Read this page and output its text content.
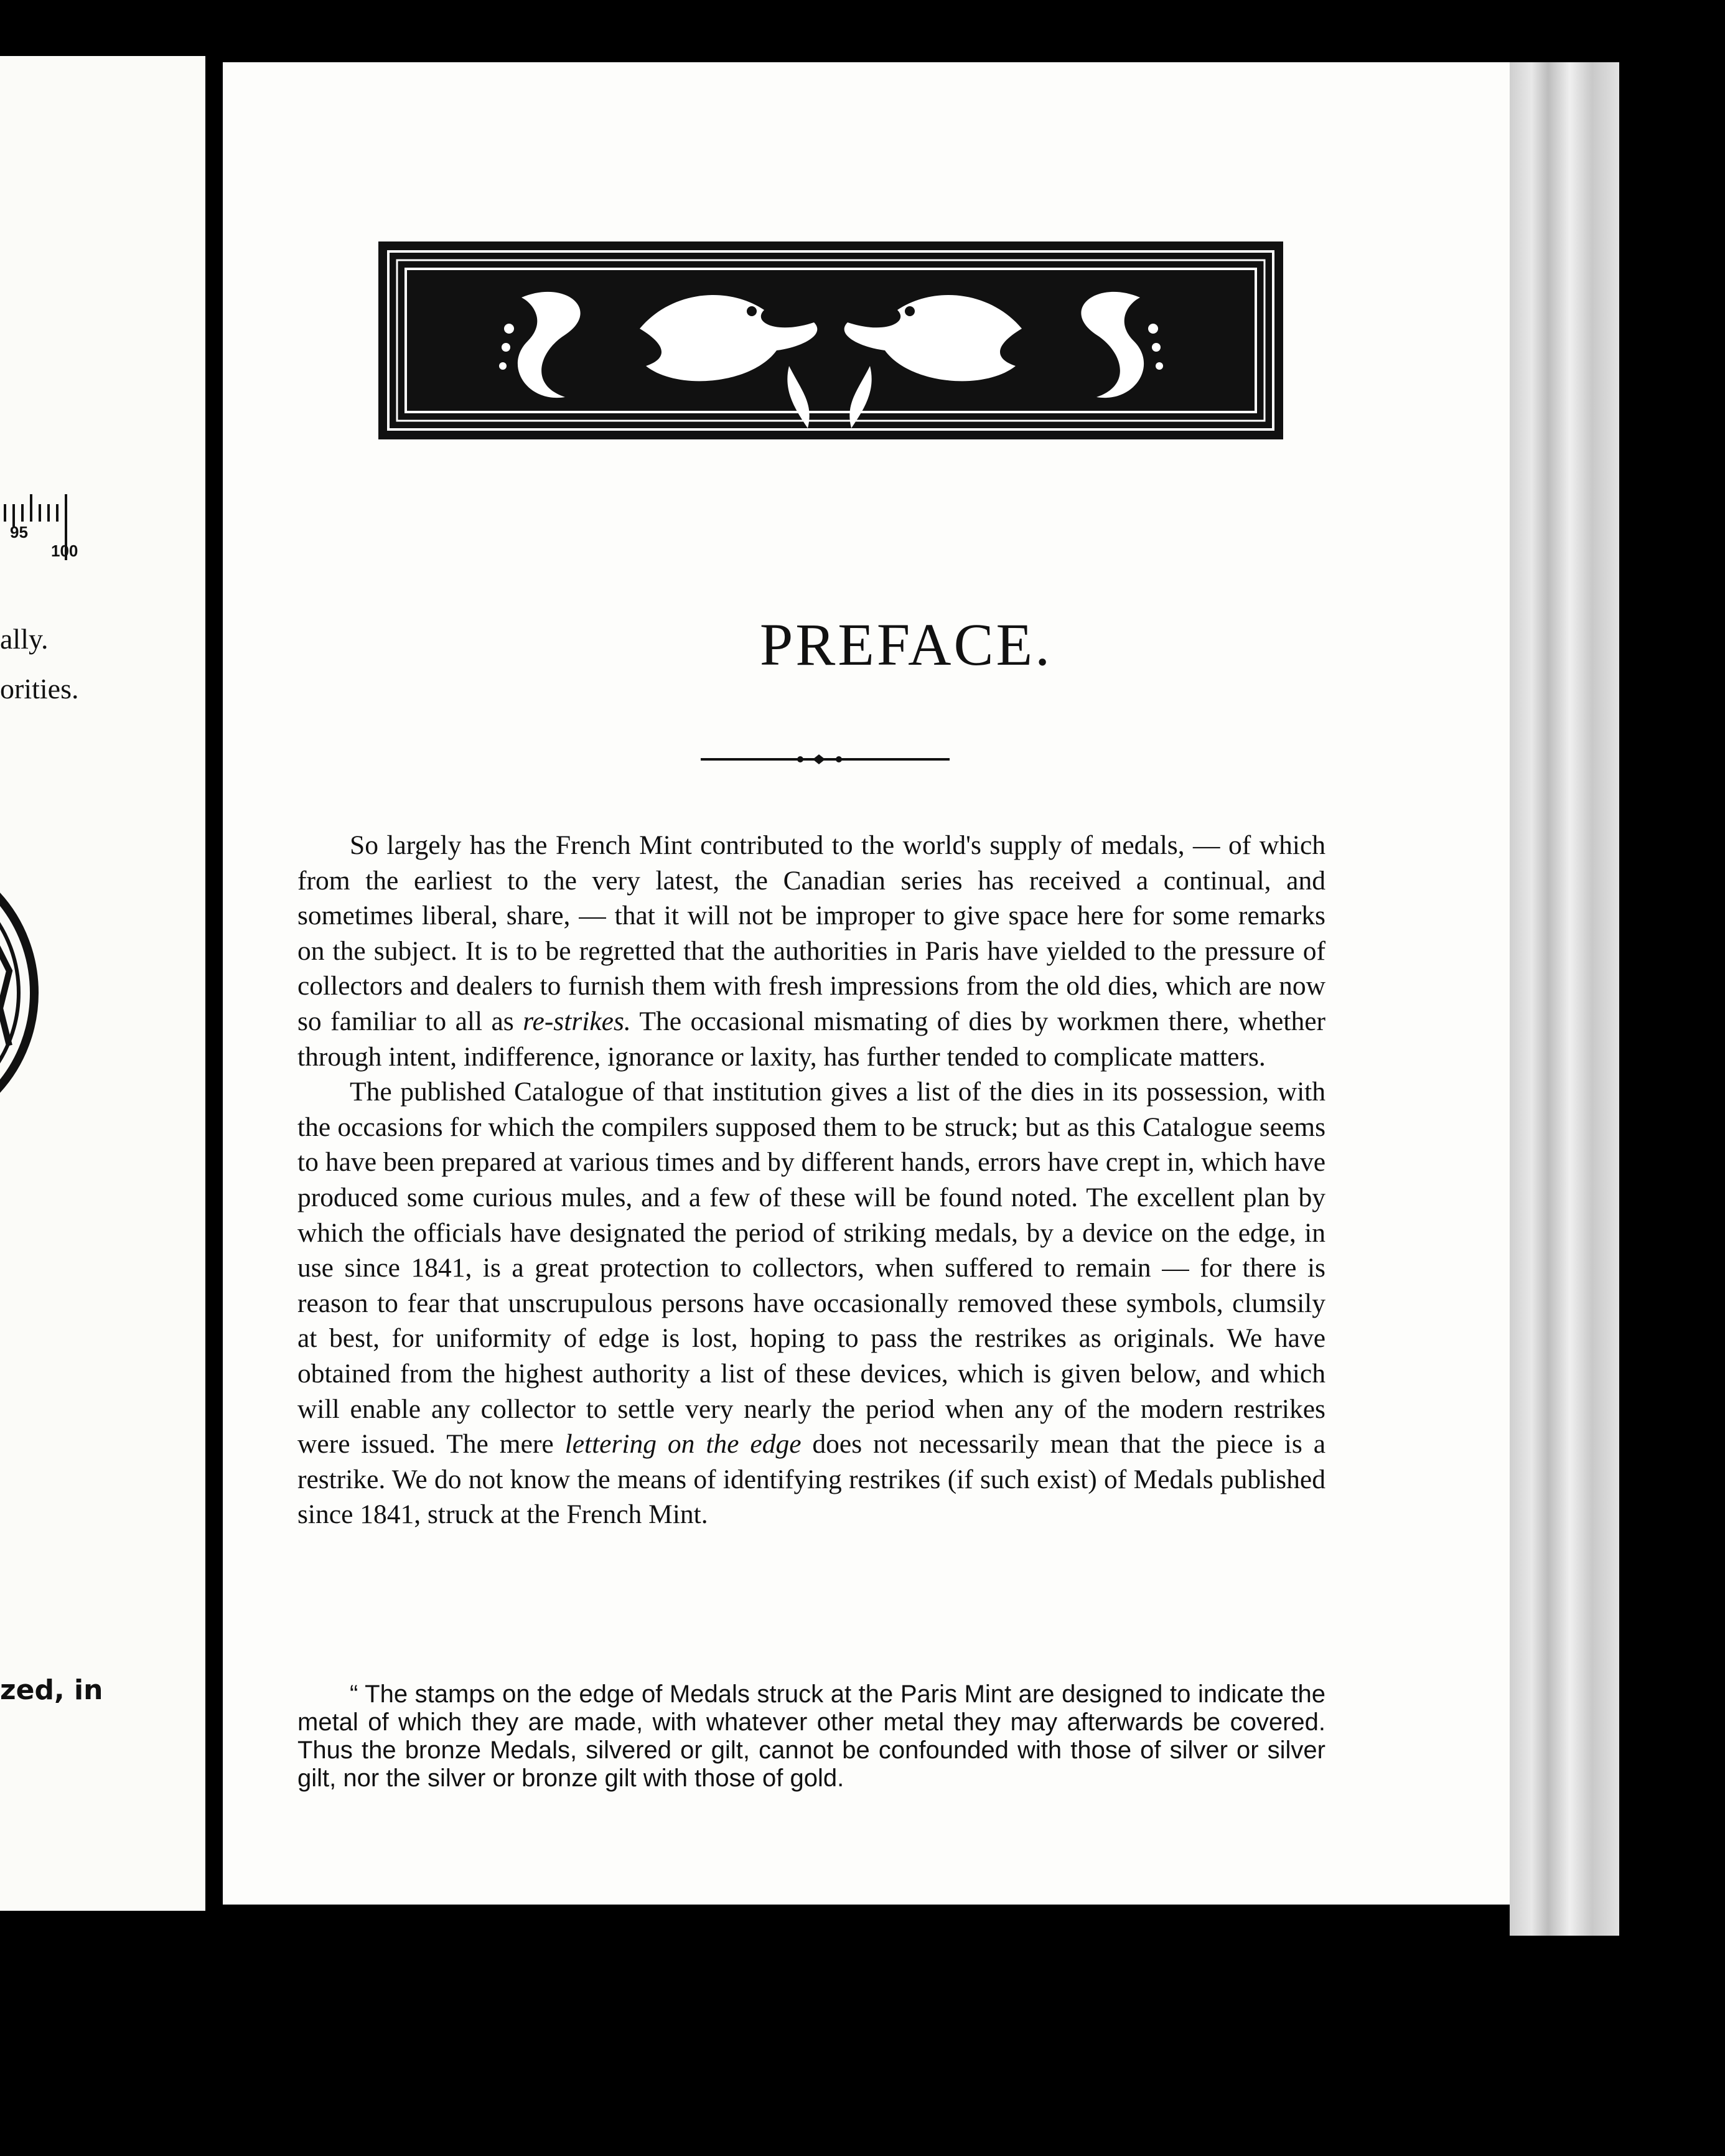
95
100
ally.
orities.
zed, in
PREFACE.

So largely has the French Mint contributed to the world's supply of medals, — of which from the earliest to the very latest, the Canadian series has received a continual, and sometimes liberal, share, — that it will not be improper to give space here for some remarks on the subject. It is to be regretted that the authorities in Paris have yielded to the pressure of collectors and dealers to furnish them with fresh impressions from the old dies, which are now so familiar to all as re-strikes. The occasional mismating of dies by workmen there, whether through intent, indifference, ignorance or laxity, has further tended to complicate matters.

The published Catalogue of that institution gives a list of the dies in its possession, with the occasions for which the compilers supposed them to be struck; but as this Catalogue seems to have been prepared at various times and by different hands, errors have crept in, which have produced some curious mules, and a few of these will be found noted. The excellent plan by which the officials have designated the period of striking medals, by a device on the edge, in use since 1841, is a great protection to collectors, when suffered to remain — for there is reason to fear that unscrupulous persons have occasionally removed these symbols, clumsily at best, for uniformity of edge is lost, hoping to pass the restrikes as originals. We have obtained from the highest authority a list of these devices, which is given below, and which will enable any collector to settle very nearly the period when any of the modern restrikes were issued. The mere lettering on the edge does not necessarily mean that the piece is a restrike. We do not know the means of identifying restrikes (if such exist) of Medals published since 1841, struck at the French Mint.

“ The stamps on the edge of Medals struck at the Paris Mint are designed to indicate the metal of which they are made, with whatever other metal they may afterwards be covered. Thus the bronze Medals, silvered or gilt, cannot be confounded with those of silver or silver gilt, nor the silver or bronze gilt with those of gold.
